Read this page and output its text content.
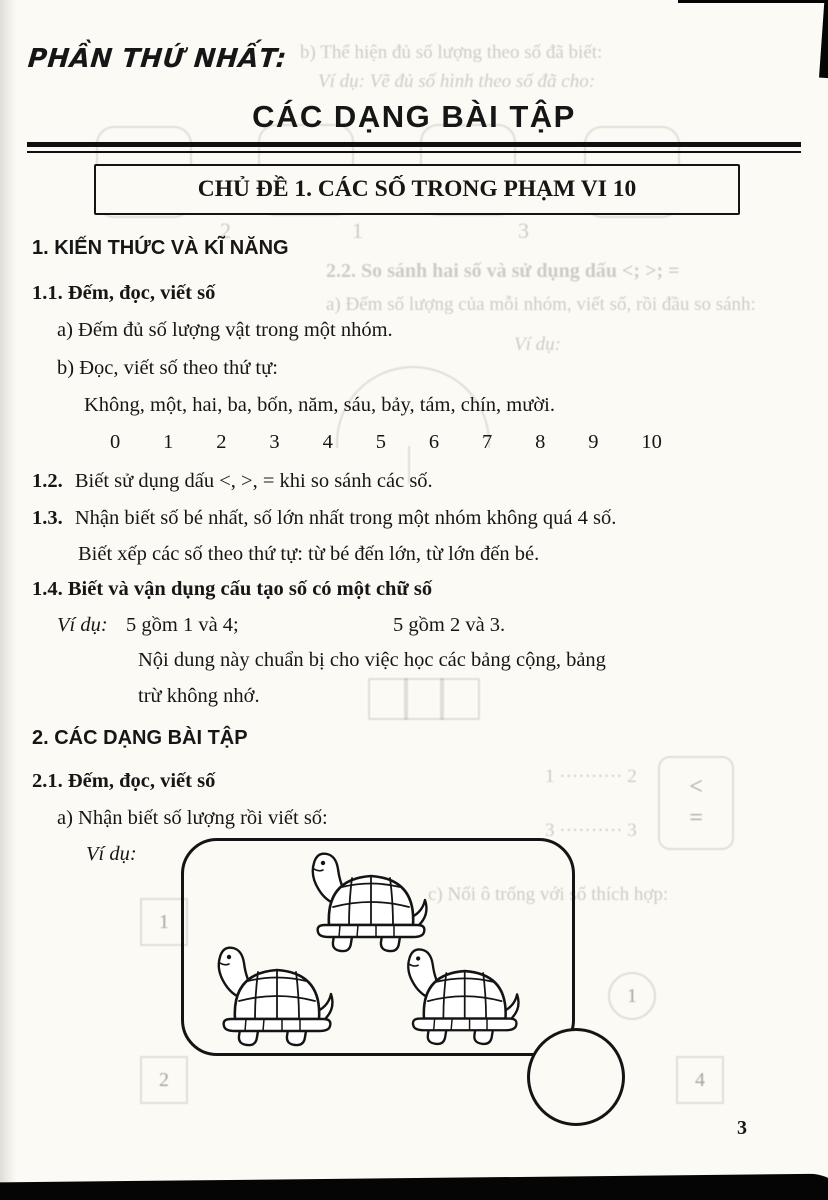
b) Thể hiện đủ số lượng theo số đã biết:
Ví dụ: Vẽ đủ số hình theo số đã cho:
2	1	3
2.2. So sánh hai số và sử dụng dấu <; >; =
a) Đếm số lượng của mỗi nhóm, viết số, rồi đầu so sánh:
Ví dụ:
1 ·········· 2
3 ·········· 3
<
=
c) Nối ô trống với số thích hợp:
1
1
2	4
PHẦN THỨ NHẤT:
CÁC DẠNG BÀI TẬP
CHỦ ĐỀ 1. CÁC SỐ TRONG PHẠM VI 10
1. KIẾN THỨC VÀ KĨ NĂNG
1.1. Đếm, đọc, viết số
a) Đếm đủ số lượng vật trong một nhóm.
b) Đọc, viết số theo thứ tự:
Không, một, hai, ba, bốn, năm, sáu, bảy, tám, chín, mười.
0 1 2 3 4 5 6 7 8 9 10
1.2. Biết sử dụng dấu <, >, = khi so sánh các số.
1.3. Nhận biết số bé nhất, số lớn nhất trong một nhóm không quá 4 số.
Biết xếp các số theo thứ tự: từ bé đến lớn, từ lớn đến bé.
1.4. Biết và vận dụng cấu tạo số có một chữ số
Ví dụ: 5 gồm 1 và 4;	5 gồm 2 và 3.
Nội dung này chuẩn bị cho việc học các bảng cộng, bảng
trừ không nhớ.
2. CÁC DẠNG BÀI TẬP
2.1. Đếm, đọc, viết số
a) Nhận biết số lượng rồi viết số:
Ví dụ:
3
